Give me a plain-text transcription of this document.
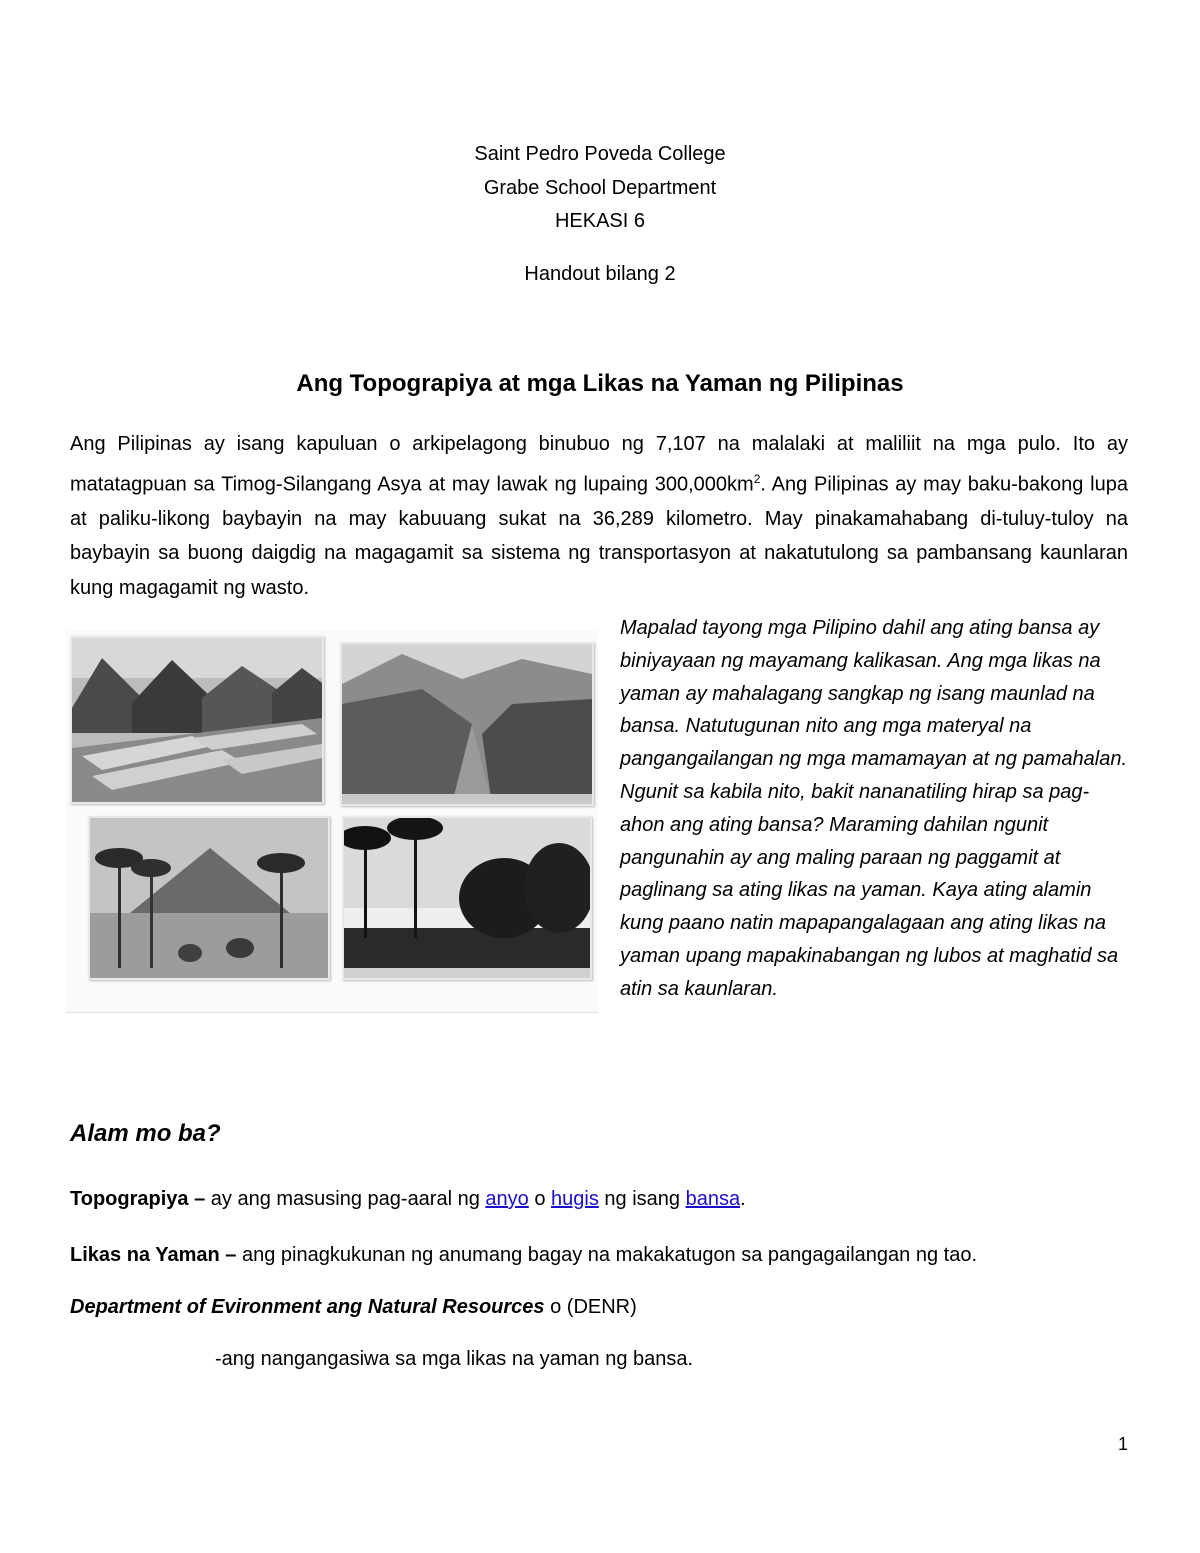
Saint Pedro Poveda College
Grabe School Department
HEKASI 6
Handout bilang 2
Ang Topograpiya at mga Likas na Yaman ng Pilipinas

Ang Pilipinas ay isang kapuluan o arkipelagong binubuo ng 7,107 na malalaki at maliliit na mga pulo. Ito ay matatagpuan sa Timog-Silangang Asya at may lawak ng lupaing $300,000km^2$. Ang Pilipinas ay may baku-bakong lupa at paliku-likong baybayin na may kabuuang sukat na 36,289 kilometro. May pinakamahabang di-tuluy-tuloy na baybayin sa buong daigdig na magagamit sa sistema ng transportasyon at nakatutulong sa pambansang kaunlaran kung magagamit ng wasto.

Mapalad tayong mga Pilipino dahil ang ating bansa ay biniyayaan ng mayamang kalikasan. Ang mga likas na yaman ay mahalagang sangkap ng isang maunlad na bansa. Natutugunan nito ang mga materyal na pangangailangan ng mga mamamayan at ng pamahalan. Ngunit sa kabila nito, bakit nananatiling hirap sa pag-ahon ang ating bansa? Maraming dahilan ngunit pangunahin ay ang maling paraan ng paggamit at paglinang sa ating likas na yaman. Kaya ating alamin kung paano natin mapapangalagaan ang ating likas na yaman upang mapakinabangan ng lubos at maghatid sa atin sa kaunlaran.

Alam mo ba?

Topograpiya – ay ang masusing pag-aaral ng anyo o hugis ng isang bansa.

Likas na Yaman – ang pinagkukunan ng anumang bagay na makakatugon sa pangagailangan ng tao.

Department of Evironment ang Natural Resources o (DENR)

-ang nangangasiwa sa mga likas na yaman ng bansa.

1
